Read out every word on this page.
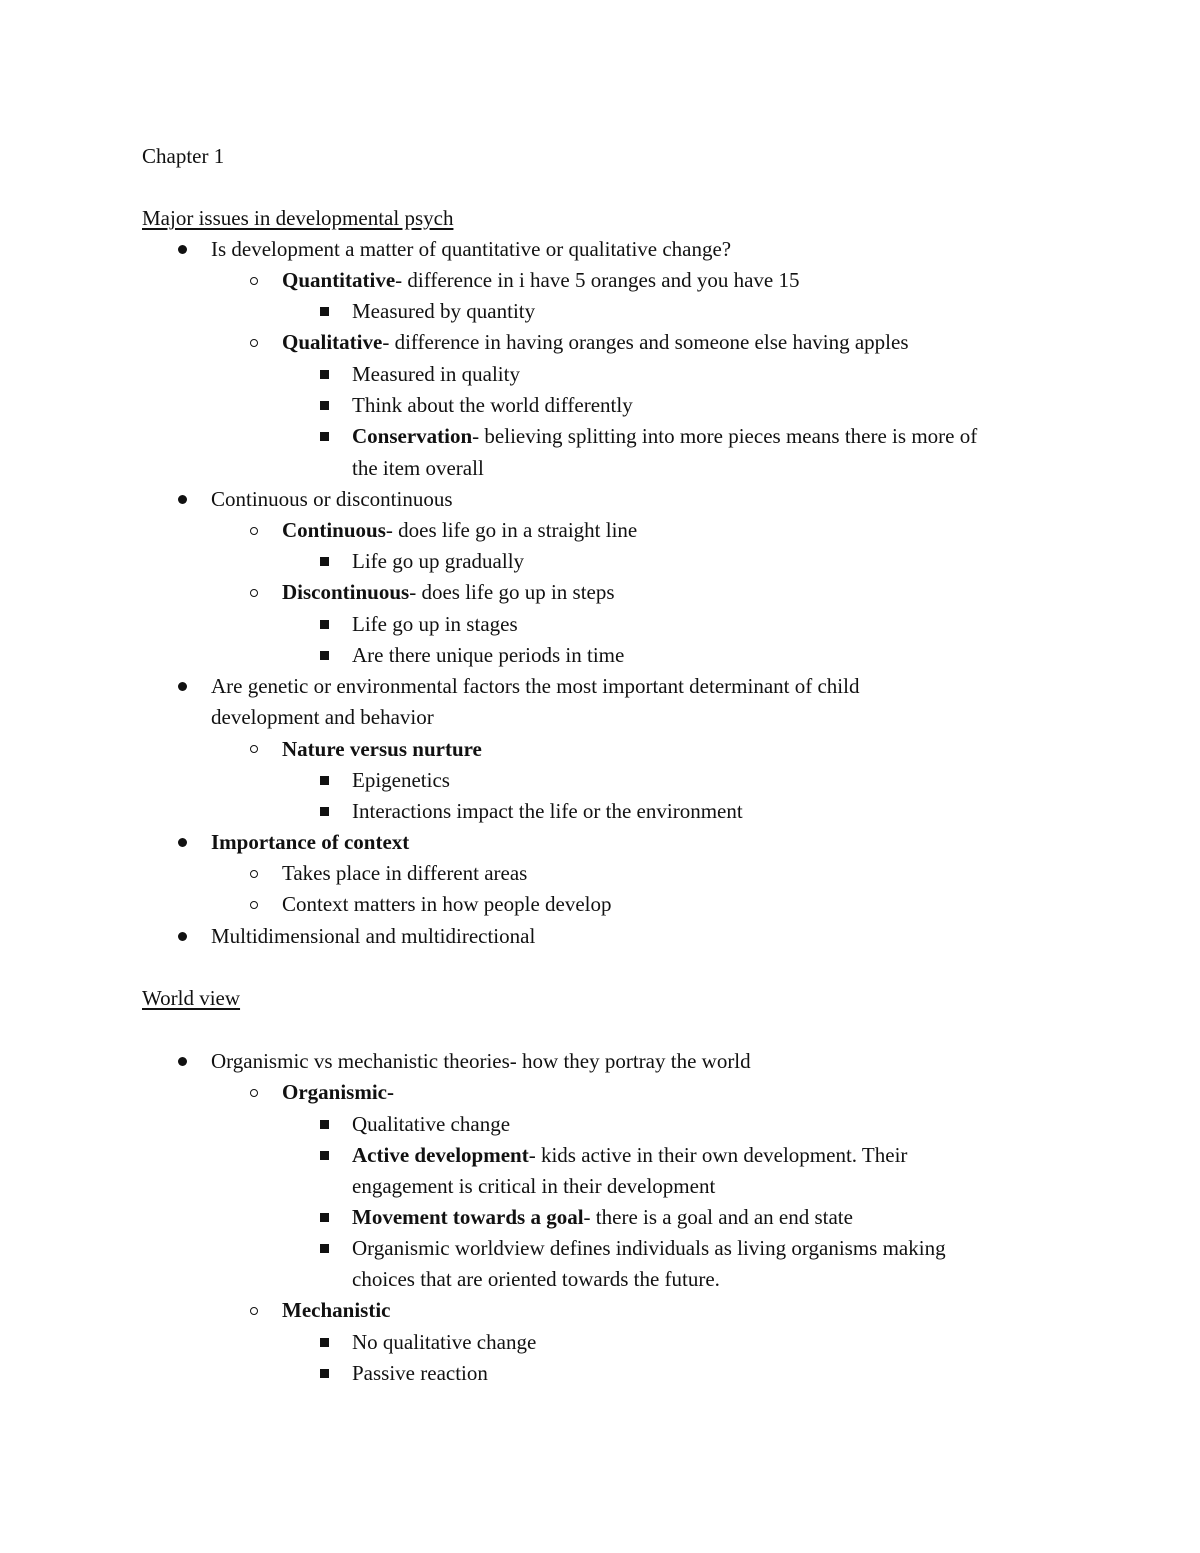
Chapter 1
Major issues in developmental psych
Is development a matter of quantitative or qualitative change?
Quantitative- difference in i have 5 oranges and you have 15
Measured by quantity
Qualitative- difference in having oranges and someone else having apples
Measured in quality
Think about the world differently
Conservation- believing splitting into more pieces means there is more of
the item overall
Continuous or discontinuous
Continuous- does life go in a straight line
Life go up gradually
Discontinuous- does life go up in steps
Life go up in stages
Are there unique periods in time
Are genetic or environmental factors the most important determinant of child
development and behavior
Nature versus nurture
Epigenetics
Interactions impact the life or the environment
Importance of context
Takes place in different areas
Context matters in how people develop
Multidimensional and multidirectional
World view
Organismic vs mechanistic theories- how they portray the world
Organismic-
Qualitative change
Active development- kids active in their own development. Their
engagement is critical in their development
Movement towards a goal- there is a goal and an end state
Organismic worldview defines individuals as living organisms making
choices that are oriented towards the future.
Mechanistic
No qualitative change
Passive reaction
